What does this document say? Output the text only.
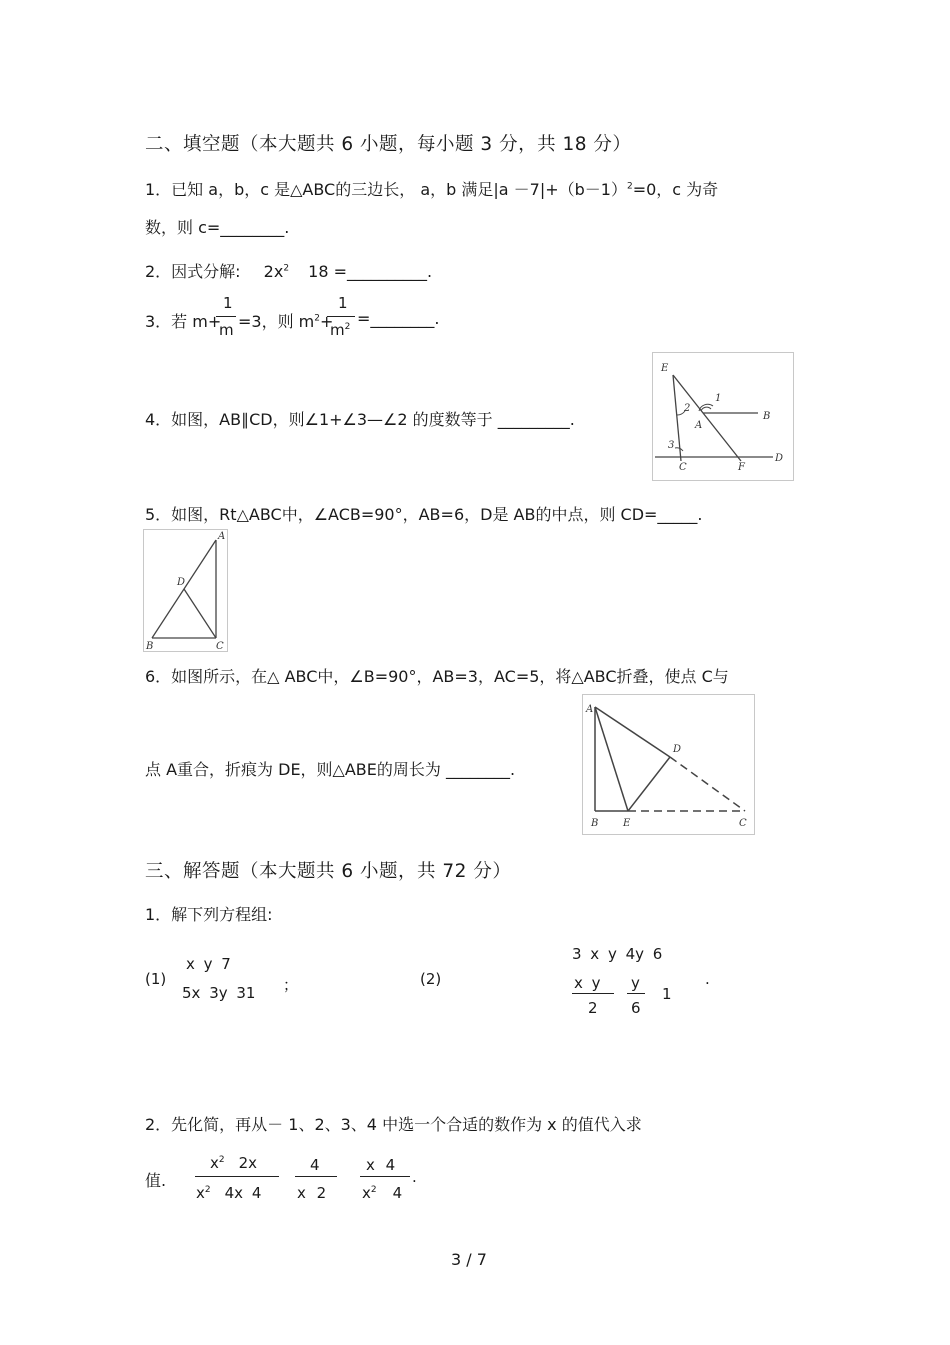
二、填空题（本大题共 6 小题，每小题 3 分，共 18 分）
1．已知 a，b，c 是△ABC的三边长， a，b 满足$|a -7|+(b-1)^2=0$，c 为奇
数，则 c=________.
2．因式分解: $2x^2$ 18 =__________.
3．若 m+
1
m =3，则 $m^2+$
1
$m^2$ =________.
4．如图，AB∥CD，则∠1+∠3—∠2 的度数等于 _________.
E
1
2
A
B
3
C	F
D
5．如图，Rt△ABC中，∠ACB=90°，AB=6，D是 AB的中点，则 CD=_____.
A
D
B	C
6．如图所示，在△ ABC中，∠B=90°，AB=3，AC=5，将△ABC折叠，使点 C与
点 A重合，折痕为 DE，则△ABE的周长为 ________.
A
D
B E	C
三、解答题（本大题共 6 小题，共 72 分）
1．解下列方程组:
(1)
x y 7
5x 3y 31 ；	(2)
3 x y 4y 6
x y
2
y
6
1
.
2．先化简，再从－ 1、2、3、4 中选一个合适的数作为 x 的值代入求
值.
$x^2$ 2x
$x^2$ 4x 4
4
x 2
x 4
$x^2$ 4
.
3 / 7
